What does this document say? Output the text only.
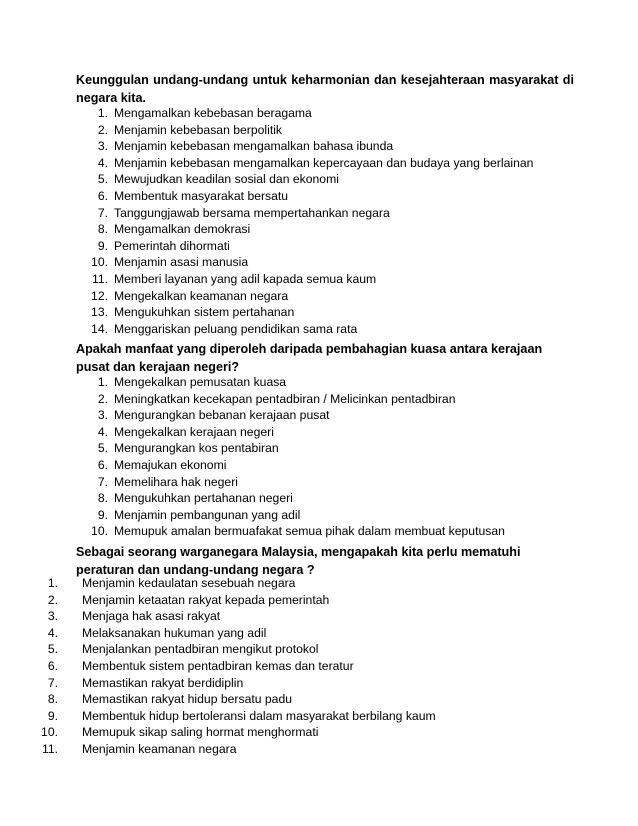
Keunggulan undang-undang untuk keharmonian dan kesejahteraan masyarakat di negara kita.
1. Mengamalkan kebebasan beragama
2. Menjamin kebebasan berpolitik
3. Menjamin kebebasan mengamalkan bahasa ibunda
4. Menjamin kebebasan mengamalkan kepercayaan dan budaya yang berlainan
5. Mewujudkan keadilan sosial dan ekonomi
6. Membentuk masyarakat bersatu
7. Tanggungjawab bersama mempertahankan negara
8. Mengamalkan demokrasi
9. Pemerintah dihormati
10. Menjamin asasi manusia
11. Memberi layanan yang adil kapada semua kaum
12. Mengekalkan keamanan negara
13. Mengukuhkan sistem pertahanan
14. Menggariskan peluang pendidikan sama rata
Apakah manfaat yang diperoleh daripada pembahagian kuasa antara kerajaan pusat dan kerajaan negeri?
1. Mengekalkan pemusatan kuasa
2. Meningkatkan kecekapan pentadbiran / Melicinkan pentadbiran
3. Mengurangkan bebanan kerajaan pusat
4. Mengekalkan kerajaan negeri
5. Mengurangkan kos pentabiran
6. Memajukan ekonomi
7. Memelihara hak negeri
8. Mengukuhkan pertahanan negeri
9. Menjamin pembangunan yang adil
10. Memupuk amalan bermuafakat semua pihak dalam membuat keputusan
Sebagai seorang warganegara Malaysia, mengapakah kita perlu mematuhi peraturan dan undang-undang negara ?
1. Menjamin kedaulatan sesebuah negara
2. Menjamin ketaatan rakyat kepada pemerintah
3. Menjaga hak asasi rakyat
4. Melaksanakan hukuman yang adil
5. Menjalankan pentadbiran mengikut protokol
6. Membentuk sistem pentadbiran kemas dan teratur
7. Memastikan rakyat berdidiplin
8. Memastikan rakyat hidup bersatu padu
9. Membentuk hidup bertoleransi dalam masyarakat berbilang kaum
10. Memupuk sikap saling hormat menghormati
11. Menjamin keamanan negara
